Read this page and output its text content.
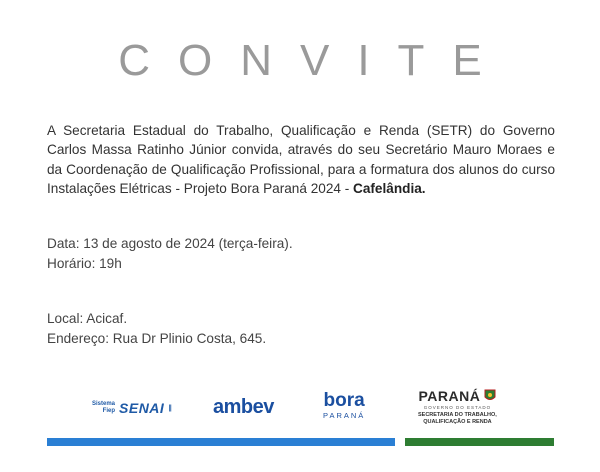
CONVITE
A Secretaria Estadual do Trabalho, Qualificação e Renda (SETR) do Governo Carlos Massa Ratinho Júnior convida, através do seu Secretário Mauro Moraes e da Coordenação de Qualificação Profissional, para a formatura dos alunos do curso Instalações Elétricas - Projeto Bora Paraná 2024 - Cafelândia.
Data: 13 de agosto de 2024 (terça-feira).
Horário: 19h
Local: Acicaf.
Endereço: Rua Dr Plinio Costa, 645.
Sistema
Fiep SENAI ||| ambev	bora
PARANÁ
PARANÁ
GOVERNO DO ESTADO
SECRETARIA DO TRABALHO,
QUALIFICAÇÃO E RENDA
